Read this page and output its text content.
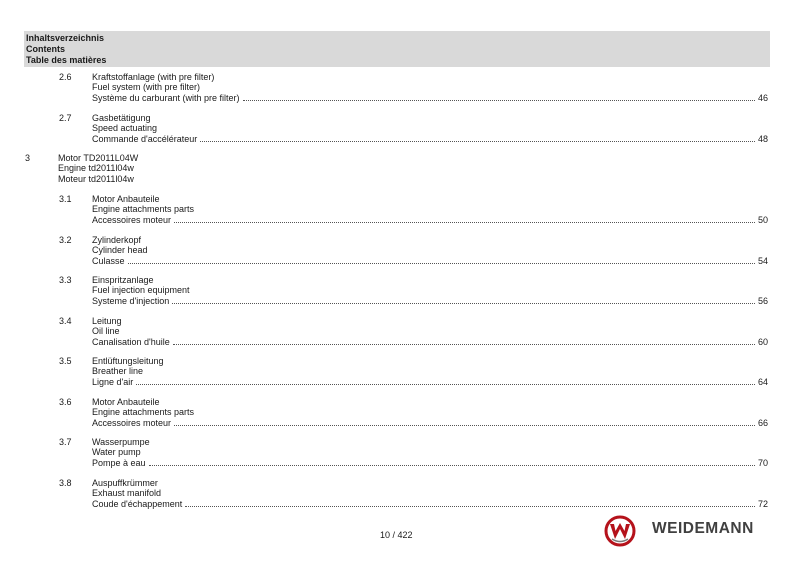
Inhaltsverzeichnis
Contents
Table des matières
2.6 Kraftstoffanlage (with pre filter)
Fuel system (with pre filter)
Système du carburant (with pre filter)	46
2.7 Gasbetätigung
Speed actuating
Commande d'accélérateur	48
3	Motor TD2011L04W
Engine td2011l04w
Moteur td2011l04w
3.1 Motor Anbauteile
Engine attachments parts
Accessoires moteur	50
3.2 Zylinderkopf
Cylinder head
Culasse	54
3.3 Einspritzanlage
Fuel injection equipment
Systeme d'injection	56
3.4 Leitung
Oil line
Canalisation d'huile	60
3.5 Entlüftungsleitung
Breather line
Ligne d'air	64
3.6 Motor Anbauteile
Engine attachments parts
Accessoires moteur	66
3.7 Wasserpumpe
Water pump
Pompe à eau	70
3.8 Auspuffkrümmer
Exhaust manifold
Coude d'échappement	72
10 / 422	WEIDEMANN
